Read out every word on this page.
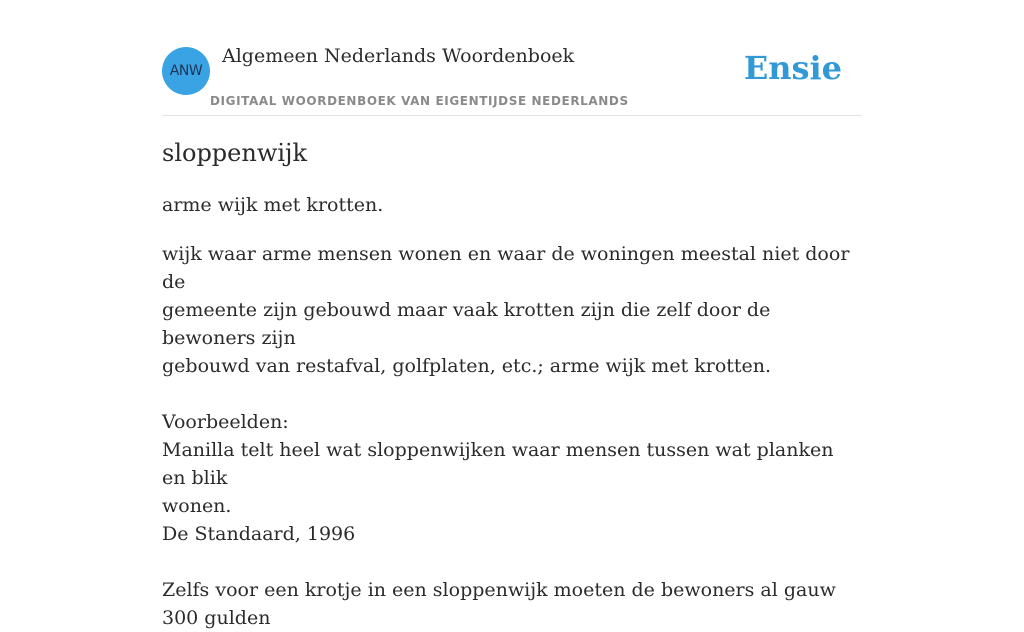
ANW
Algemeen Nederlands Woordenboek
DIGITAAL WOORDENBOEK VAN EIGENTIJDSE NEDERLANDS
Ensie
sloppenwijk

arme wijk met krotten.

wijk waar arme mensen wonen en waar de woningen meestal niet door de

gemeente zijn gebouwd maar vaak krotten zijn die zelf door de bewoners zijn

gebouwd van restafval, golfplaten, etc.; arme wijk met krotten.

Voorbeelden:

Manilla telt heel wat sloppenwijken waar mensen tussen wat planken en blik

wonen.

De Standaard, 1996

Zelfs voor een krotje in een sloppenwijk moeten de bewoners al gauw 300 gulden
